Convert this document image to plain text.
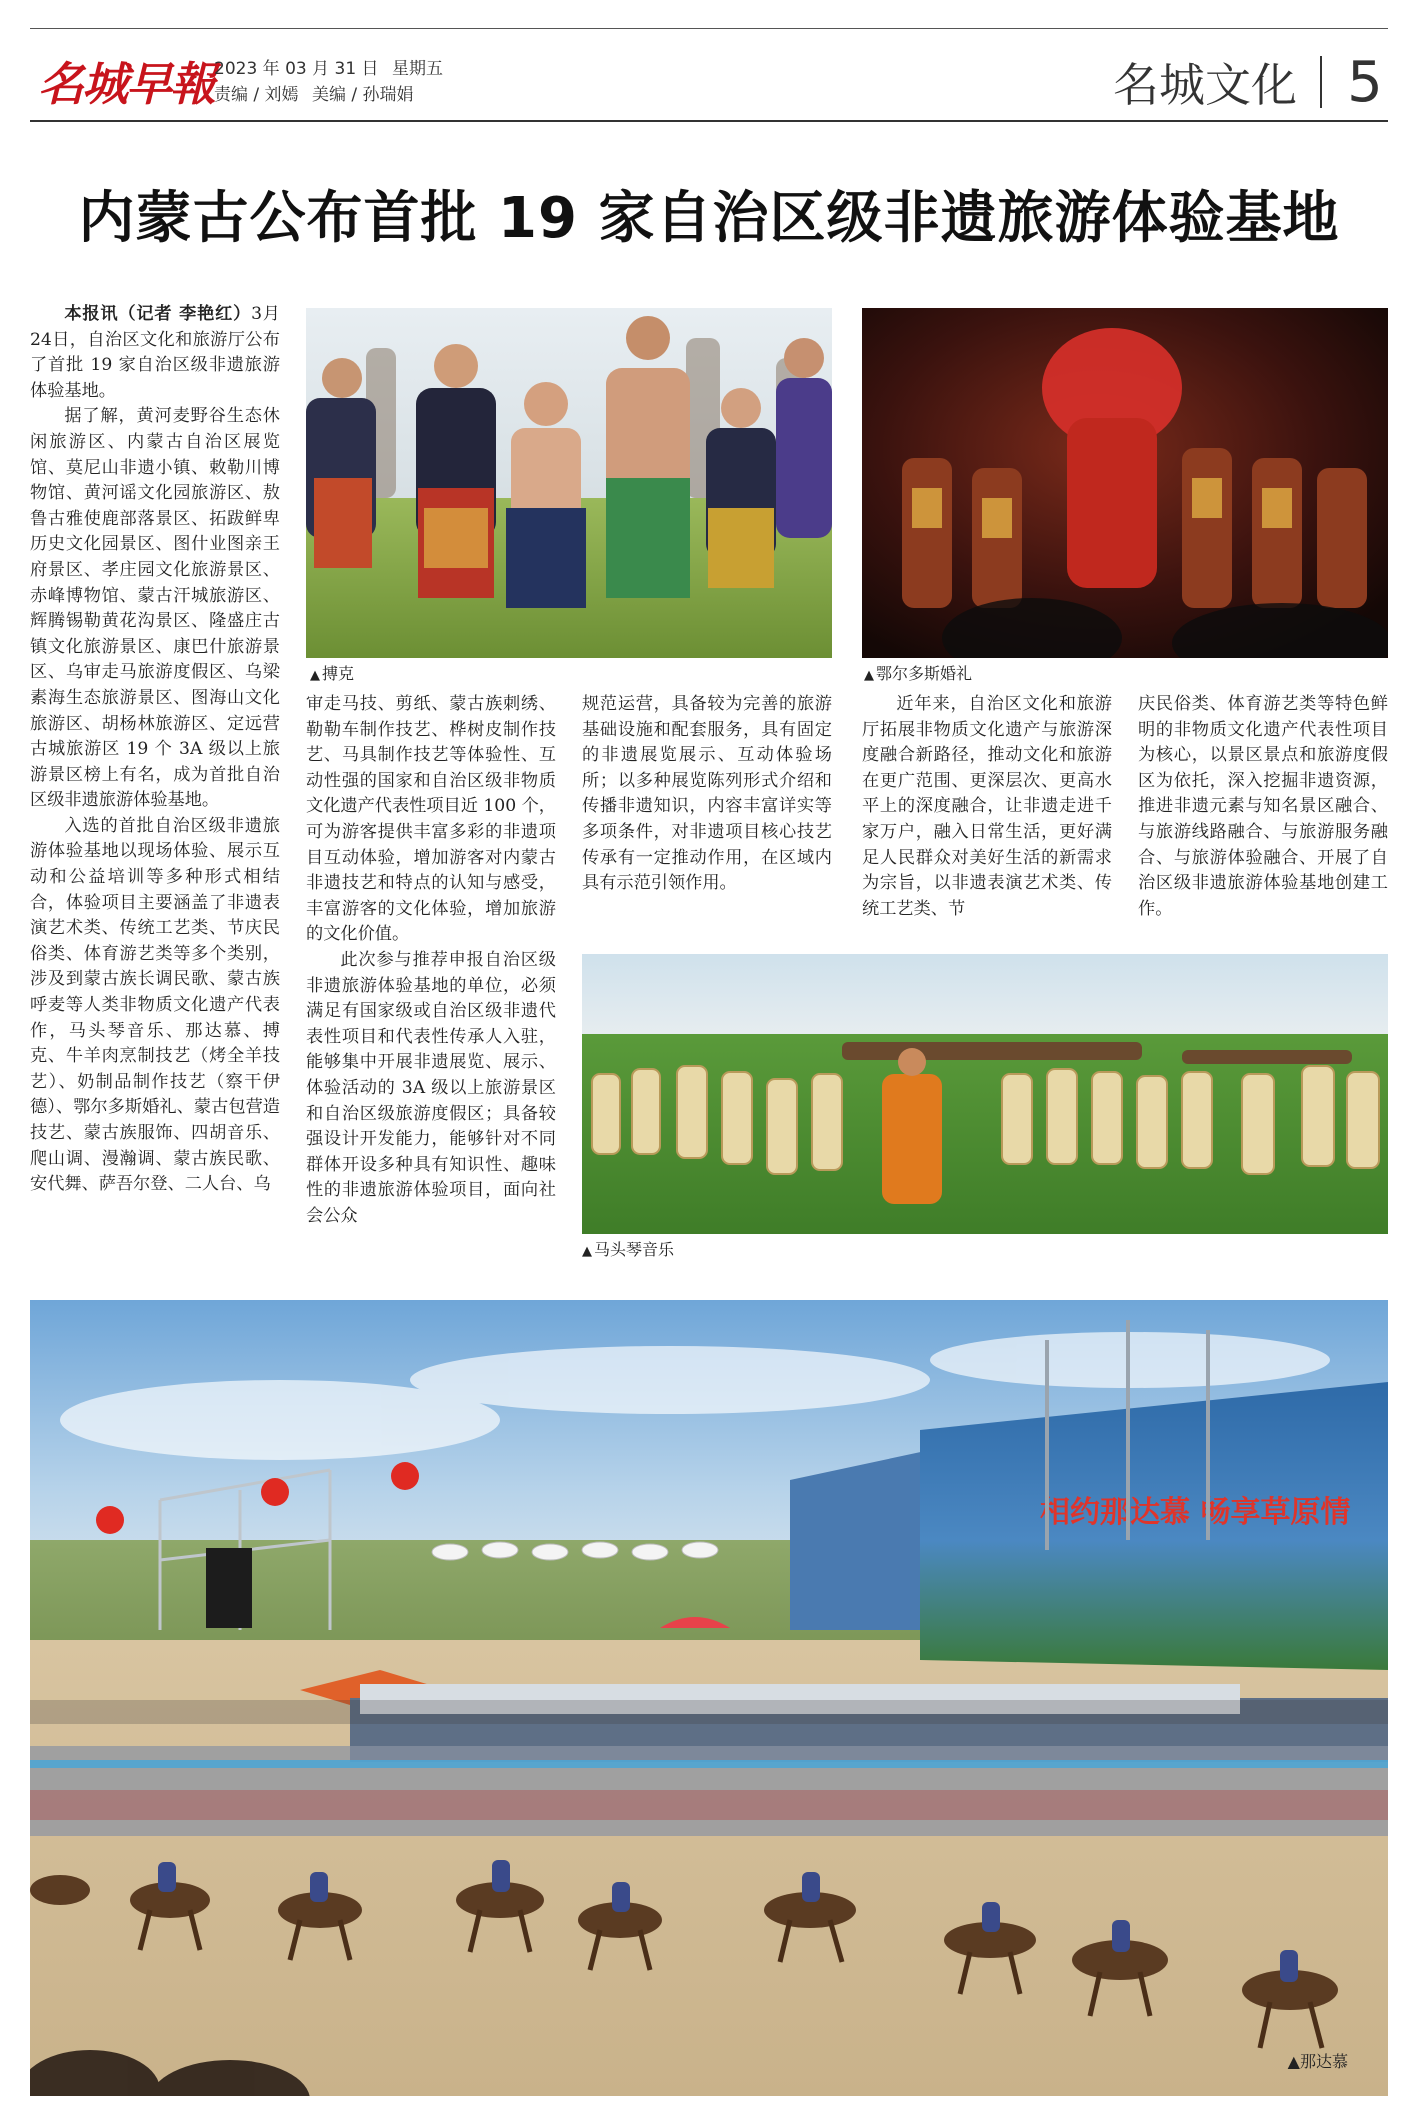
名城早報 2023 年 03 月 31 日 星期五
责编 / 刘嫣 美编 / 孙瑞娟	名城文化 5
内蒙古公布首批 19 家自治区级非遗旅游体验基地

本报讯（记者 李艳红）3月24日，自治区文化和旅游厅公布了首批 19 家自治区级非遗旅游体验基地。

据了解，黄河麦野谷生态休闲旅游区、内蒙古自治区展览馆、莫尼山非遗小镇、敕勒川博物馆、黄河谣文化园旅游区、敖鲁古雅使鹿部落景区、拓跋鲜卑历史文化园景区、图什业图亲王府景区、孝庄园文化旅游景区、赤峰博物馆、蒙古汗城旅游区、辉腾锡勒黄花沟景区、隆盛庄古镇文化旅游景区、康巴什旅游景区、乌审走马旅游度假区、乌梁素海生态旅游景区、图海山文化旅游区、胡杨林旅游区、定远营古城旅游区 19 个 3A 级以上旅游景区榜上有名，成为首批自治区级非遗旅游体验基地。

入选的首批自治区级非遗旅游体验基地以现场体验、展示互动和公益培训等多种形式相结合，体验项目主要涵盖了非遗表演艺术类、传统工艺类、节庆民俗类、体育游艺类等多个类别，涉及到蒙古族长调民歌、蒙古族呼麦等人类非物质文化遗产代表作，马头琴音乐、那达慕、搏克、牛羊肉烹制技艺（烤全羊技艺）、奶制品制作技艺（察干伊德）、鄂尔多斯婚礼、蒙古包营造技艺、蒙古族服饰、四胡音乐、爬山调、漫瀚调、蒙古族民歌、安代舞、萨吾尔登、二人台、乌

▲ 搏克	▲ 鄂尔多斯婚礼

审走马技、剪纸、蒙古族刺绣、勒勒车制作技艺、桦树皮制作技艺、马具制作技艺等体验性、互动性强的国家和自治区级非物质文化遗产代表性项目近 100 个，可为游客提供丰富多彩的非遗项目互动体验，增加游客对内蒙古非遗技艺和特点的认知与感受，丰富游客的文化体验，增加旅游的文化价值。

此次参与推荐申报自治区级非遗旅游体验基地的单位，必须满足有国家级或自治区级非遗代表性项目和代表性传承人入驻，能够集中开展非遗展览、展示、体验活动的 3A 级以上旅游景区和自治区级旅游度假区；具备较强设计开发能力，能够针对不同群体开设多种具有知识性、趣味性的非遗旅游体验项目，面向社会公众

规范运营，具备较为完善的旅游基础设施和配套服务，具有固定的非遗展览展示、互动体验场所；以多种展览陈列形式介绍和传播非遗知识，内容丰富详实等多项条件，对非遗项目核心技艺传承有一定推动作用，在区域内具有示范引领作用。

近年来，自治区文化和旅游厅拓展非物质文化遗产与旅游深度融合新路径，推动文化和旅游在更广范围、更深层次、更高水平上的深度融合，让非遗走进千家万户，融入日常生活，更好满足人民群众对美好生活的新需求为宗旨，以非遗表演艺术类、传统工艺类、节

庆民俗类、体育游艺类等特色鲜明的非物质文化遗产代表性项目为核心，以景区景点和旅游度假区为依托，深入挖掘非遗资源，推进非遗元素与知名景区融合、与旅游线路融合、与旅游服务融合、与旅游体验融合、开展了自治区级非遗旅游体验基地创建工作。

▲ 马头琴音乐
相约那达慕 畅享草原情
▲那达慕
